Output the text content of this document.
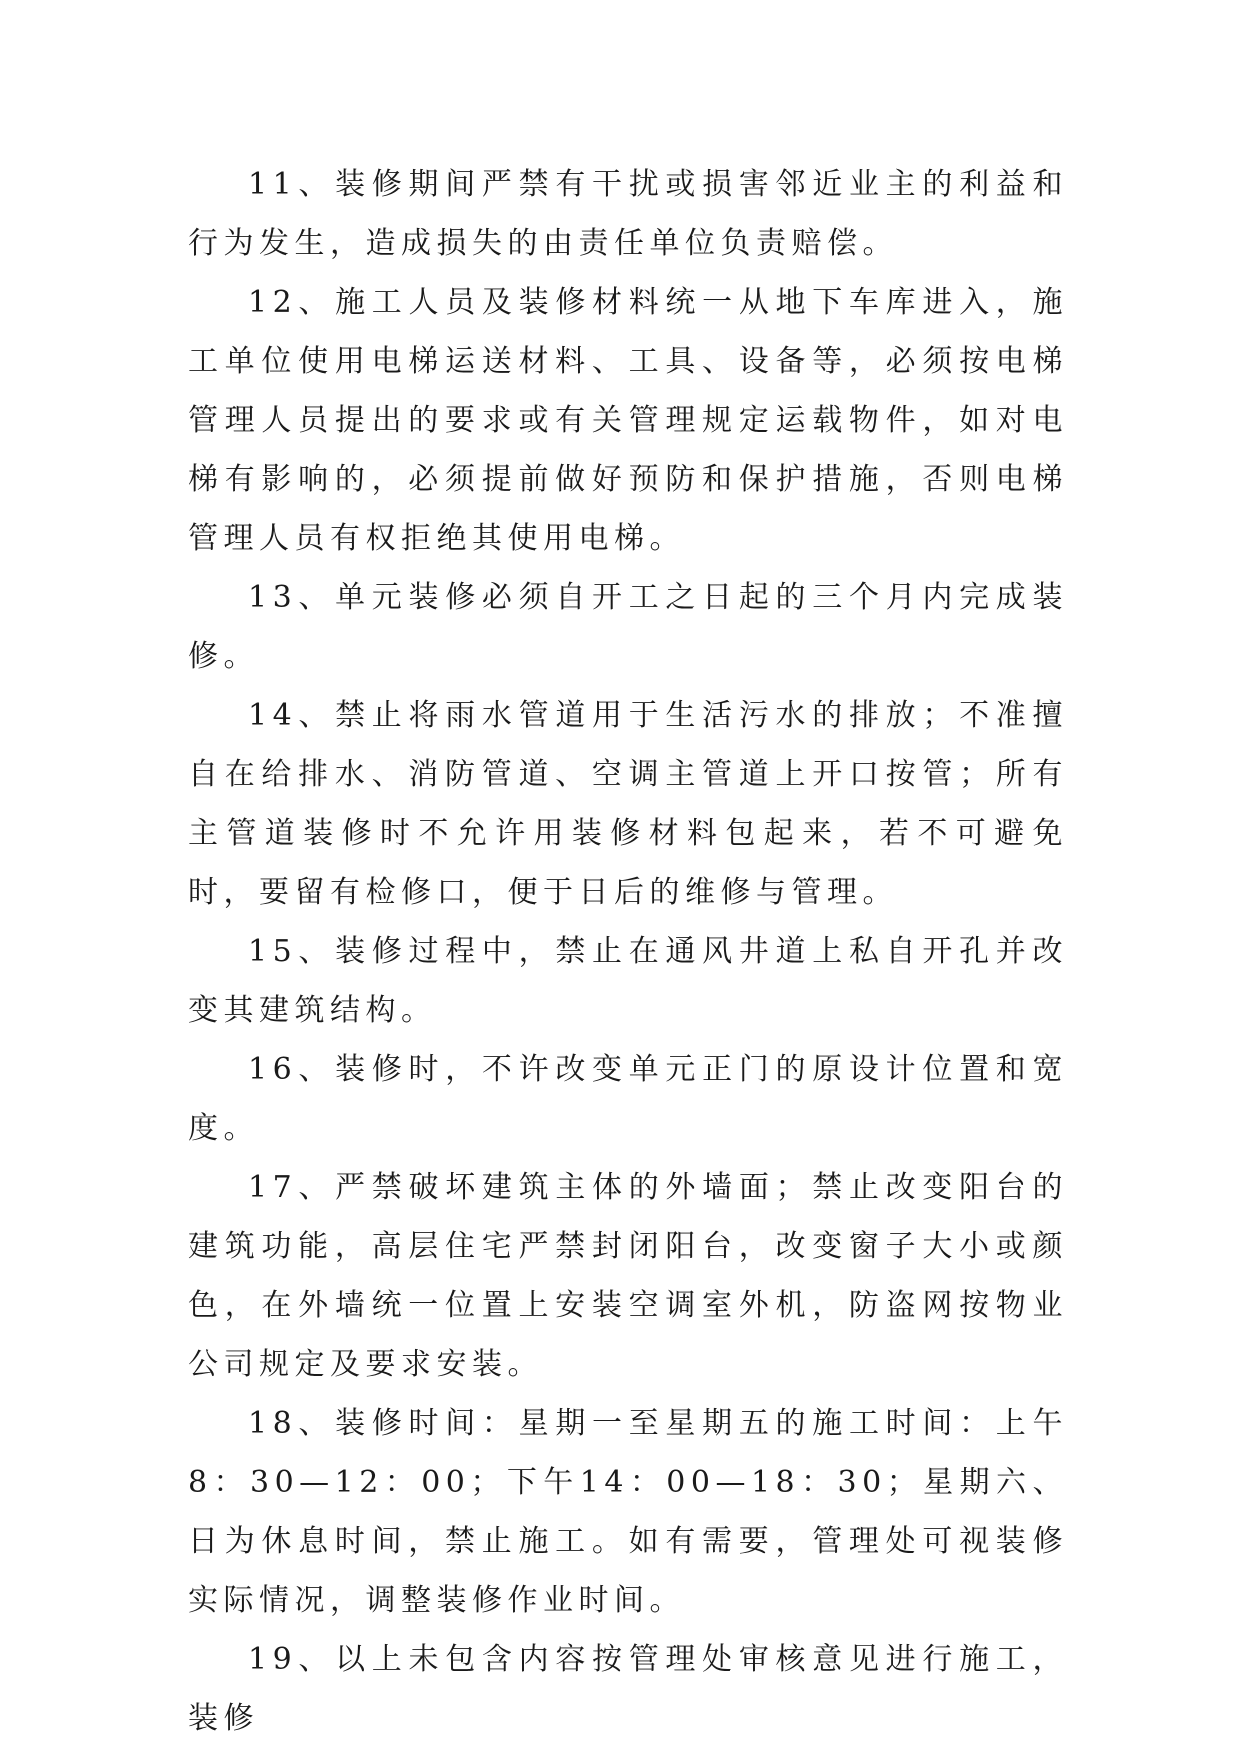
11、装修期间严禁有干扰或损害邻近业主的利益和行为发生，造成损失的由责任单位负责赔偿。

12、施工人员及装修材料统一从地下车库进入，施工单位使用电梯运送材料、工具、设备等，必须按电梯管理人员提出的要求或有关管理规定运载物件，如对电梯有影响的，必须提前做好预防和保护措施，否则电梯管理人员有权拒绝其使用电梯。

13、单元装修必须自开工之日起的三个月内完成装修。

14、禁止将雨水管道用于生活污水的排放；不准擅自在给排水、消防管道、空调主管道上开口按管；所有主管道装修时不允许用装修材料包起来，若不可避免时，要留有检修口，便于日后的维修与管理。

15、装修过程中，禁止在通风井道上私自开孔并改变其建筑结构。

16、装修时，不许改变单元正门的原设计位置和宽度。

17、严禁破坏建筑主体的外墙面；禁止改变阳台的建筑功能，高层住宅严禁封闭阳台，改变窗子大小或颜色，在外墙统一位置上安装空调室外机，防盗网按物业公司规定及要求安装。

18、装修时间：星期一至星期五的施工时间：上午8：30—12：00；下午14：00—18：30；星期六、日为休息时间，禁止施工。如有需要，管理处可视装修实际情况，调整装修作业时间。

19、以上未包含内容按管理处审核意见进行施工，装修
